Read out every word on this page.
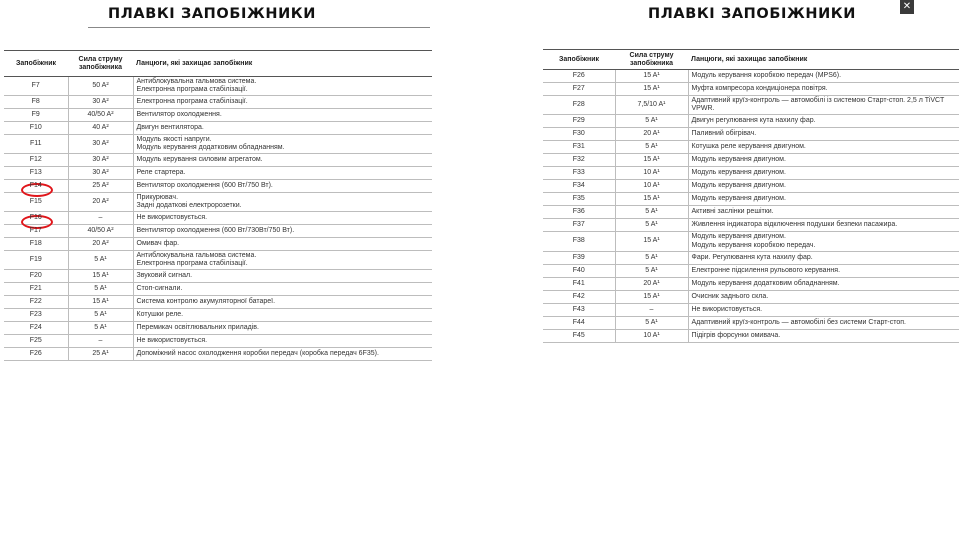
ПЛАВКІ ЗАПОБІЖНИКИ
Запобіжник	Сила струму запобіжника	Ланцюги, які захищає запобіжник
F7	50 A²	Антиблокувальна гальмова система.
Електронна програма стабілізації.
F8	30 A²	Електронна програма стабілізації.
F9	40/50 A²	Вентилятор охолодження.
F10	40 A²	Двигун вентилятора.
F11	30 A²	Модуль якості напруги.
Модуль керування додатковим обладнанням.
F12	30 A²	Модуль керування силовим агрегатом.
F13	30 A²	Реле стартера.

F14	25 A²	Вентилятор охолодження (600 Вт/750 Вт).
F15	20 A²	Прикурювач.
Задні додаткові електророзетки.

F16	–	Не використовується.
F17	40/50 A²	Вентилятор охолодження (600 Вт/730Вт/750 Вт).
F18	20 A²	Омивач фар.
F19	5 A¹	Антиблокувальна гальмова система.
Електронна програма стабілізації.
F20	15 A¹	Звуковий сигнал.
F21	5 A¹	Стоп-сигнали.
F22	15 A¹	Система контролю акумуляторної батареї.
F23	5 A¹	Котушки реле.
F24	5 A¹	Перемикач освітлювальних приладів.
F25	–	Не використовується.
F26	25 A¹	Допоміжний насос охолодження коробки передач (коробка передач 6F35).
ПЛАВКІ ЗАПОБІЖНИКИ	✕
Запобіжник	Сила струму запобіжника	Ланцюги, які захищає запобіжник
F26	15 A¹	Модуль керування коробкою передач (MPS6).
F27	15 A¹	Муфта компресора кондиціонера повітря.
F28	7,5/10 A¹	Адаптивний круїз-контроль — автомобілі із системою Старт-стоп. 2,5 л TiVCT VPWR.
F29	5 A¹	Двигун регулювання кута нахилу фар.
F30	20 A¹	Паливний обігрівач.
F31	5 A¹	Котушка реле керування двигуном.
F32	15 A¹	Модуль керування двигуном.
F33	10 A¹	Модуль керування двигуном.
F34	10 A¹	Модуль керування двигуном.
F35	15 A¹	Модуль керування двигуном.
F36	5 A¹	Активні заслінки решітки.
F37	5 A¹	Живлення індикатора відключення подушки безпеки пасажира.
F38	15 A¹	Модуль керування двигуном.
Модуль керування коробкою передач.
F39	5 A¹	Фари. Регулювання кута нахилу фар.
F40	5 A¹	Електронне підсилення рульового керування.
F41	20 A¹	Модуль керування додатковим обладнанням.
F42	15 A¹	Очисник заднього скла.
F43	–	Не використовується.
F44	5 A¹	Адаптивний круїз-контроль — автомобілі без системи Старт-стоп.
F45	10 A¹	Підігрів форсунки омивача.
